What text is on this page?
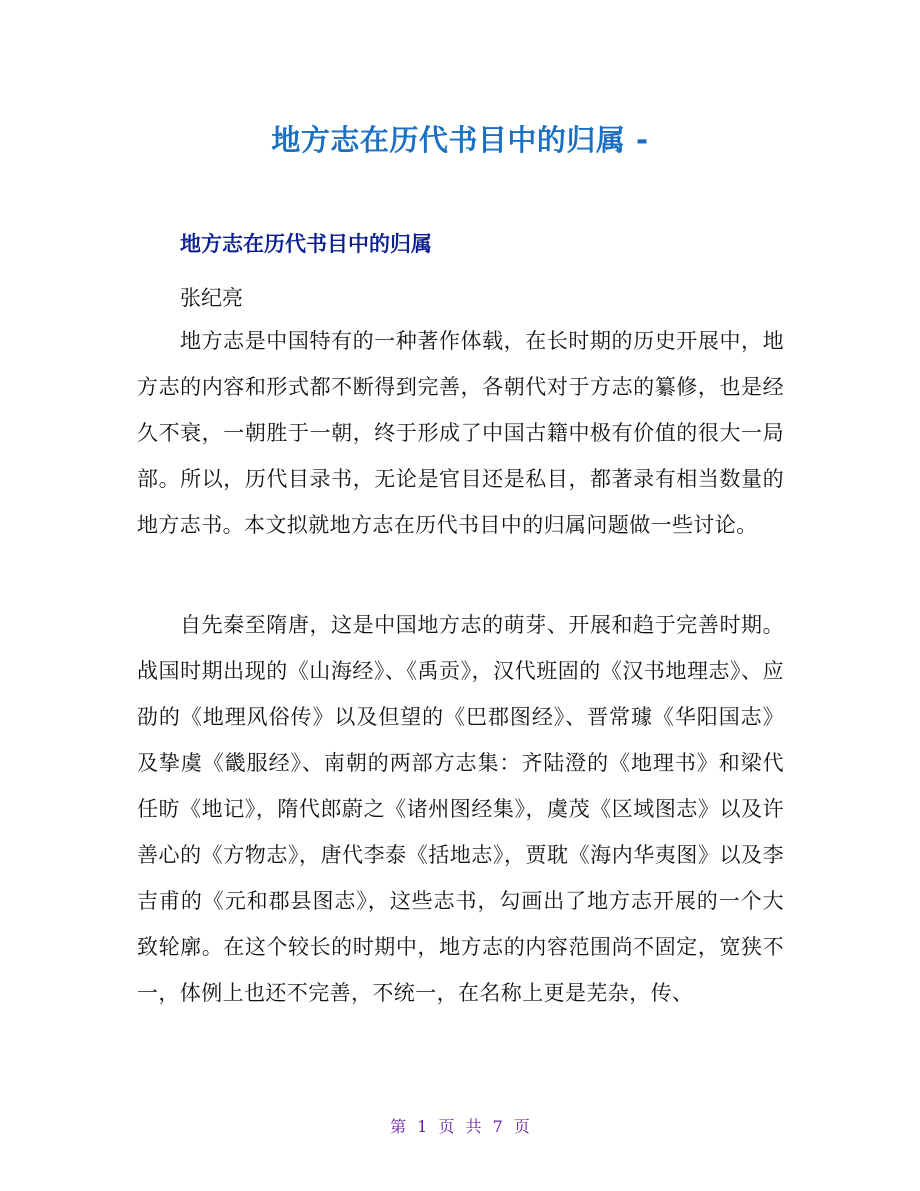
地方志在历代书目中的归属 -
地方志在历代书目中的归属

张纪亮

地方志是中国特有的一种著作体载，在长时期的历史开展中，地方志的内容和形式都不断得到完善，各朝代对于方志的纂修，也是经久不衰，一朝胜于一朝，终于形成了中国古籍中极有价值的很大一局部。所以，历代目录书，无论是官目还是私目，都著录有相当数量的地方志书。本文拟就地方志在历代书目中的归属问题做一些讨论。

自先秦至隋唐，这是中国地方志的萌芽、开展和趋于完善时期。战国时期出现的《山海经》、《禹贡》，汉代班固的《汉书地理志》、应劭的《地理风俗传》以及但望的《巴郡图经》、晋常璩《华阳国志》及挚虞《畿服经》、南朝的两部方志集：齐陆澄的《地理书》和梁代任昉《地记》，隋代郎蔚之《诸州图经集》，虞茂《区域图志》以及许善心的《方物志》，唐代李泰《括地志》，贾耽《海内华夷图》以及李吉甫的《元和郡县图志》，这些志书，勾画出了地方志开展的一个大致轮廓。在这个较长的时期中，地方志的内容范围尚不固定，宽狭不一，体例上也还不完善，不统一，在名称上更是芜杂，传、

第 1 页 共 7 页
